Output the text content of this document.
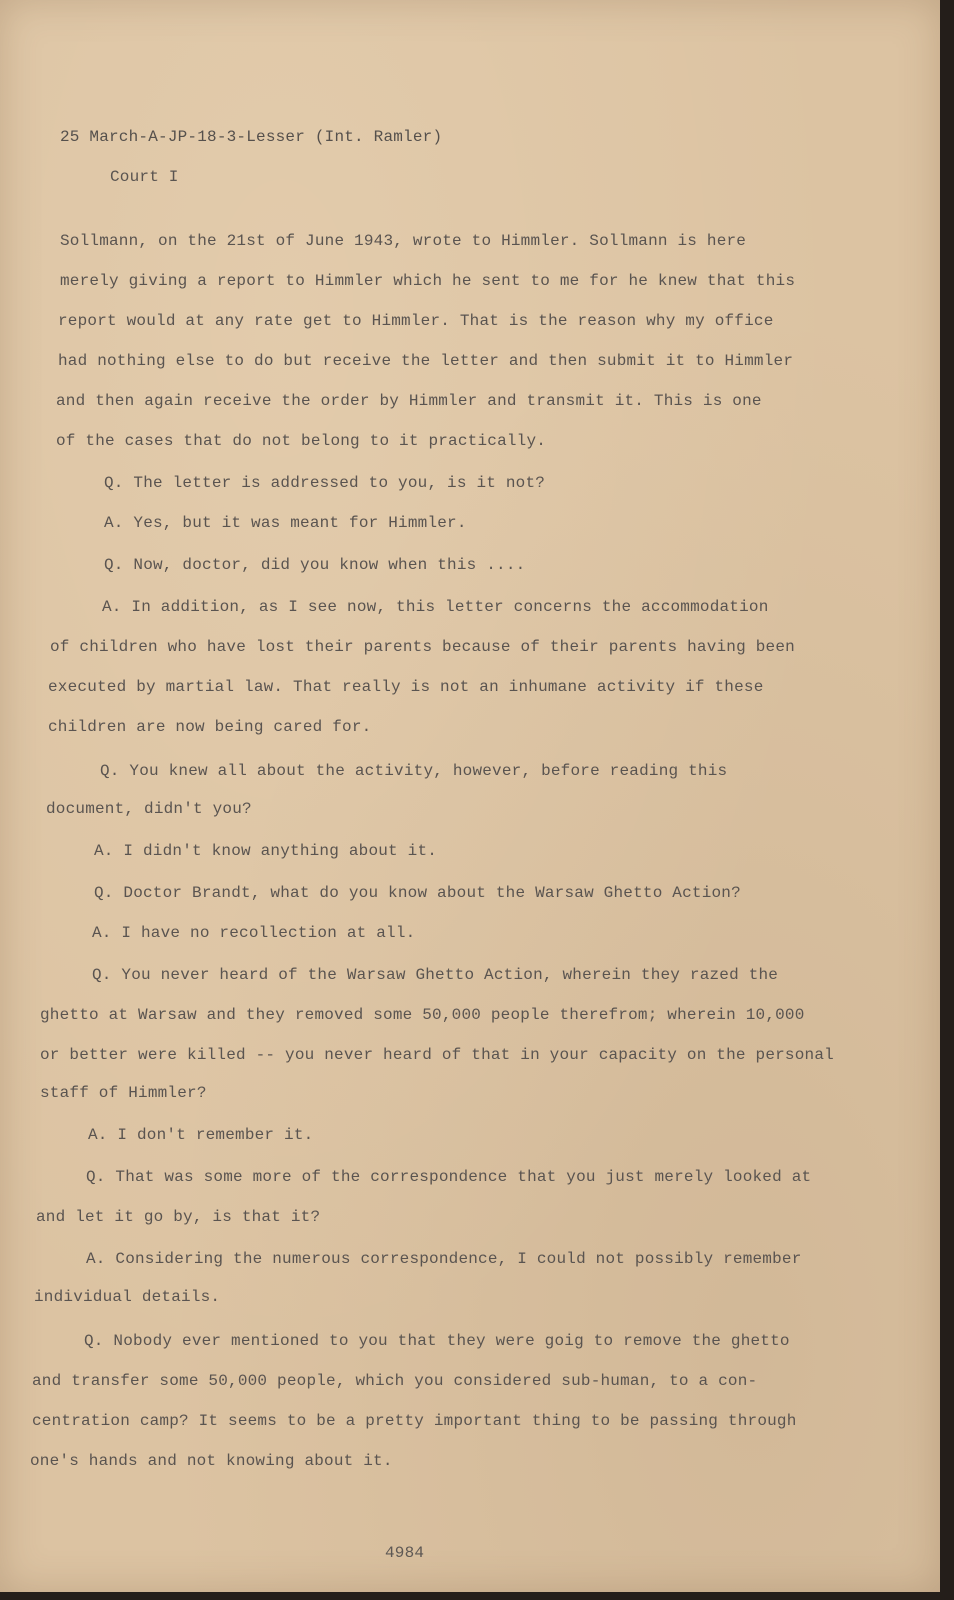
25 March-A-JP-18-3-Lesser (Int. Ramler)
Court I
Sollmann, on the 21st of June 1943, wrote to Himmler. Sollmann is here
merely giving a report to Himmler which he sent to me for he knew that this
report would at any rate get to Himmler. That is the reason why my office
had nothing else to do but receive the letter and then submit it to Himmler
and then again receive the order by Himmler and transmit it. This is one
of the cases that do not belong to it practically.
Q. The letter is addressed to you, is it not?
A. Yes, but it was meant for Himmler.
Q. Now, doctor, did you know when this ....
A. In addition, as I see now, this letter concerns the accommodation
of children who have lost their parents because of their parents having been
executed by martial law. That really is not an inhumane activity if these
children are now being cared for.
Q. You knew all about the activity, however, before reading this
document, didn't you?
A. I didn't know anything about it.
Q. Doctor Brandt, what do you know about the Warsaw Ghetto Action?
A. I have no recollection at all.
Q. You never heard of the Warsaw Ghetto Action, wherein they razed the
ghetto at Warsaw and they removed some 50,000 people therefrom; wherein 10,000
or better were killed -- you never heard of that in your capacity on the personal
staff of Himmler?
A. I don't remember it.
Q. That was some more of the correspondence that you just merely looked at
and let it go by, is that it?
A. Considering the numerous correspondence, I could not possibly remember
individual details.
Q. Nobody ever mentioned to you that they were goig to remove the ghetto
and transfer some 50,000 people, which you considered sub-human, to a con-
centration camp? It seems to be a pretty important thing to be passing through
one's hands and not knowing about it.
4984
